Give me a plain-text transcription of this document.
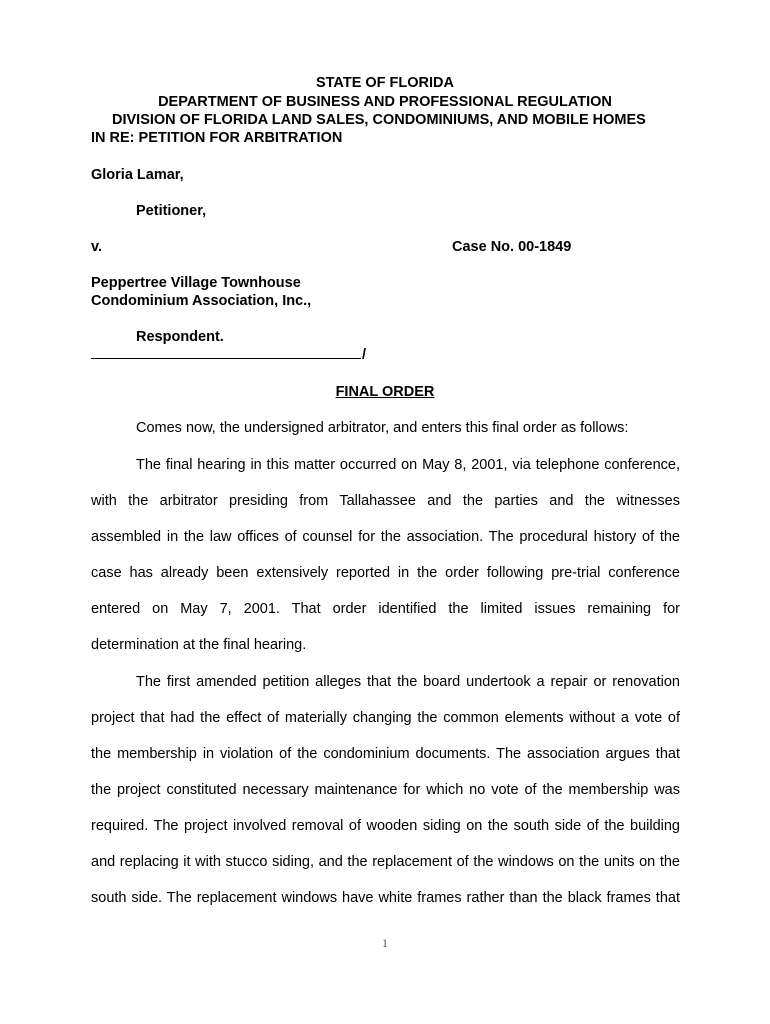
STATE OF FLORIDA
DEPARTMENT OF BUSINESS AND PROFESSIONAL REGULATION
DIVISION OF FLORIDA LAND SALES, CONDOMINIUMS, AND MOBILE HOMES
IN RE: PETITION FOR ARBITRATION
Gloria Lamar,
Petitioner,
v.	Case No. 00-1849
Peppertree Village Townhouse
Condominium Association, Inc.,
Respondent.
/
FINAL ORDER
Comes now, the undersigned arbitrator, and enters this final order as follows:
The final hearing in this matter occurred on May 8, 2001, via telephone conference,
with the arbitrator presiding from Tallahassee and the parties and the witnesses
assembled in the law offices of counsel for the association. The procedural history of the
case has already been extensively reported in the order following pre-trial conference
entered on May 7, 2001. That order identified the limited issues remaining for
determination at the final hearing.
The first amended petition alleges that the board undertook a repair or renovation
project that had the effect of materially changing the common elements without a vote of
the membership in violation of the condominium documents. The association argues that
the project constituted necessary maintenance for which no vote of the membership was
required. The project involved removal of wooden siding on the south side of the building
and replacing it with stucco siding, and the replacement of the windows on the units on the
south side. The replacement windows have white frames rather than the black frames that
1
